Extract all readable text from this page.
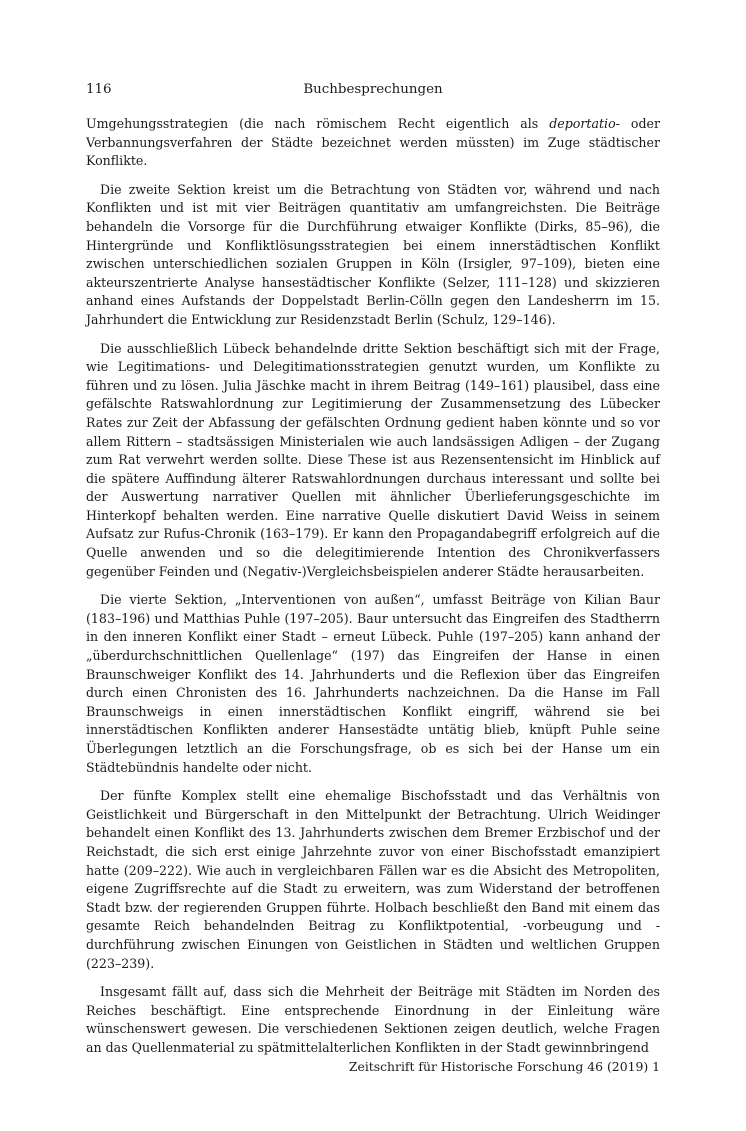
116	Buchbesprechungen

Umgehungsstrategien (die nach römischem Recht eigentlich als deportatio- oder Verbannungsverfahren der Städte bezeichnet werden müssten) im Zuge städtischer Konflikte.

Die zweite Sektion kreist um die Betrachtung von Städten vor, während und nach Konflikten und ist mit vier Beiträgen quantitativ am umfangreichsten. Die Beiträge behandeln die Vorsorge für die Durchführung etwaiger Konflikte (Dirks, 85–96), die Hintergründe und Konfliktlösungsstrategien bei einem innerstädtischen Konflikt zwischen unterschiedlichen sozialen Gruppen in Köln (Irsigler, 97–109), bieten eine akteurszentrierte Analyse hansestädtischer Konflikte (Selzer, 111–128) und skizzieren anhand eines Aufstands der Doppelstadt Berlin-Cölln gegen den Landesherrn im 15. Jahrhundert die Entwicklung zur Residenzstadt Berlin (Schulz, 129–146).

Die ausschließlich Lübeck behandelnde dritte Sektion beschäftigt sich mit der Frage, wie Legitimations- und Delegitimationsstrategien genutzt wurden, um Konflikte zu führen und zu lösen. Julia Jäschke macht in ihrem Beitrag (149–161) plausibel, dass eine gefälschte Ratswahlordnung zur Legitimierung der Zusammensetzung des Lübecker Rates zur Zeit der Abfassung der gefälschten Ordnung gedient haben könnte und so vor allem Rittern – stadtsässigen Ministerialen wie auch landsässigen Adligen – der Zugang zum Rat verwehrt werden sollte. Diese These ist aus Rezensentensicht im Hinblick auf die spätere Auffindung älterer Ratswahlordnungen durchaus interessant und sollte bei der Auswertung narrativer Quellen mit ähnlicher Überlieferungsgeschichte im Hinterkopf behalten werden. Eine narrative Quelle diskutiert David Weiss in seinem Aufsatz zur Rufus-Chronik (163–179). Er kann den Propagandabegriff erfolgreich auf die Quelle anwenden und so die delegitimierende Intention des Chronikverfassers gegenüber Feinden und (Negativ-)Vergleichsbeispielen anderer Städte herausarbeiten.

Die vierte Sektion, „Interventionen von außen“, umfasst Beiträge von Kilian Baur (183–196) und Matthias Puhle (197–205). Baur untersucht das Eingreifen des Stadtherrn in den inneren Konflikt einer Stadt – erneut Lübeck. Puhle (197–205) kann anhand der „überdurchschnittlichen Quellenlage“ (197) das Eingreifen der Hanse in einen Braunschweiger Konflikt des 14. Jahrhunderts und die Reflexion über das Eingreifen durch einen Chronisten des 16. Jahrhunderts nachzeichnen. Da die Hanse im Fall Braunschweigs in einen innerstädtischen Konflikt eingriff, während sie bei innerstädtischen Konflikten anderer Hansestädte untätig blieb, knüpft Puhle seine Überlegungen letztlich an die Forschungsfrage, ob es sich bei der Hanse um ein Städtebündnis handelte oder nicht.

Der fünfte Komplex stellt eine ehemalige Bischofsstadt und das Verhältnis von Geistlichkeit und Bürgerschaft in den Mittelpunkt der Betrachtung. Ulrich Weidinger behandelt einen Konflikt des 13. Jahrhunderts zwischen dem Bremer Erzbischof und der Reichstadt, die sich erst einige Jahrzehnte zuvor von einer Bischofsstadt emanzipiert hatte (209–222). Wie auch in vergleichbaren Fällen war es die Absicht des Metropoliten, eigene Zugriffsrechte auf die Stadt zu erweitern, was zum Widerstand der betroffenen Stadt bzw. der regierenden Gruppen führte. Holbach beschließt den Band mit einem das gesamte Reich behandelnden Beitrag zu Konfliktpotential, -vorbeugung und -durchführung zwischen Einungen von Geistlichen in Städten und weltlichen Gruppen (223–239).

Insgesamt fällt auf, dass sich die Mehrheit der Beiträge mit Städten im Norden des Reiches beschäftigt. Eine entsprechende Einordnung in der Einleitung wäre wünschenswert gewesen. Die verschiedenen Sektionen zeigen deutlich, welche Fragen an das Quellenmaterial zu spätmittelalterlichen Konflikten in der Stadt gewinnbringend

Zeitschrift für Historische Forschung 46 (2019) 1
